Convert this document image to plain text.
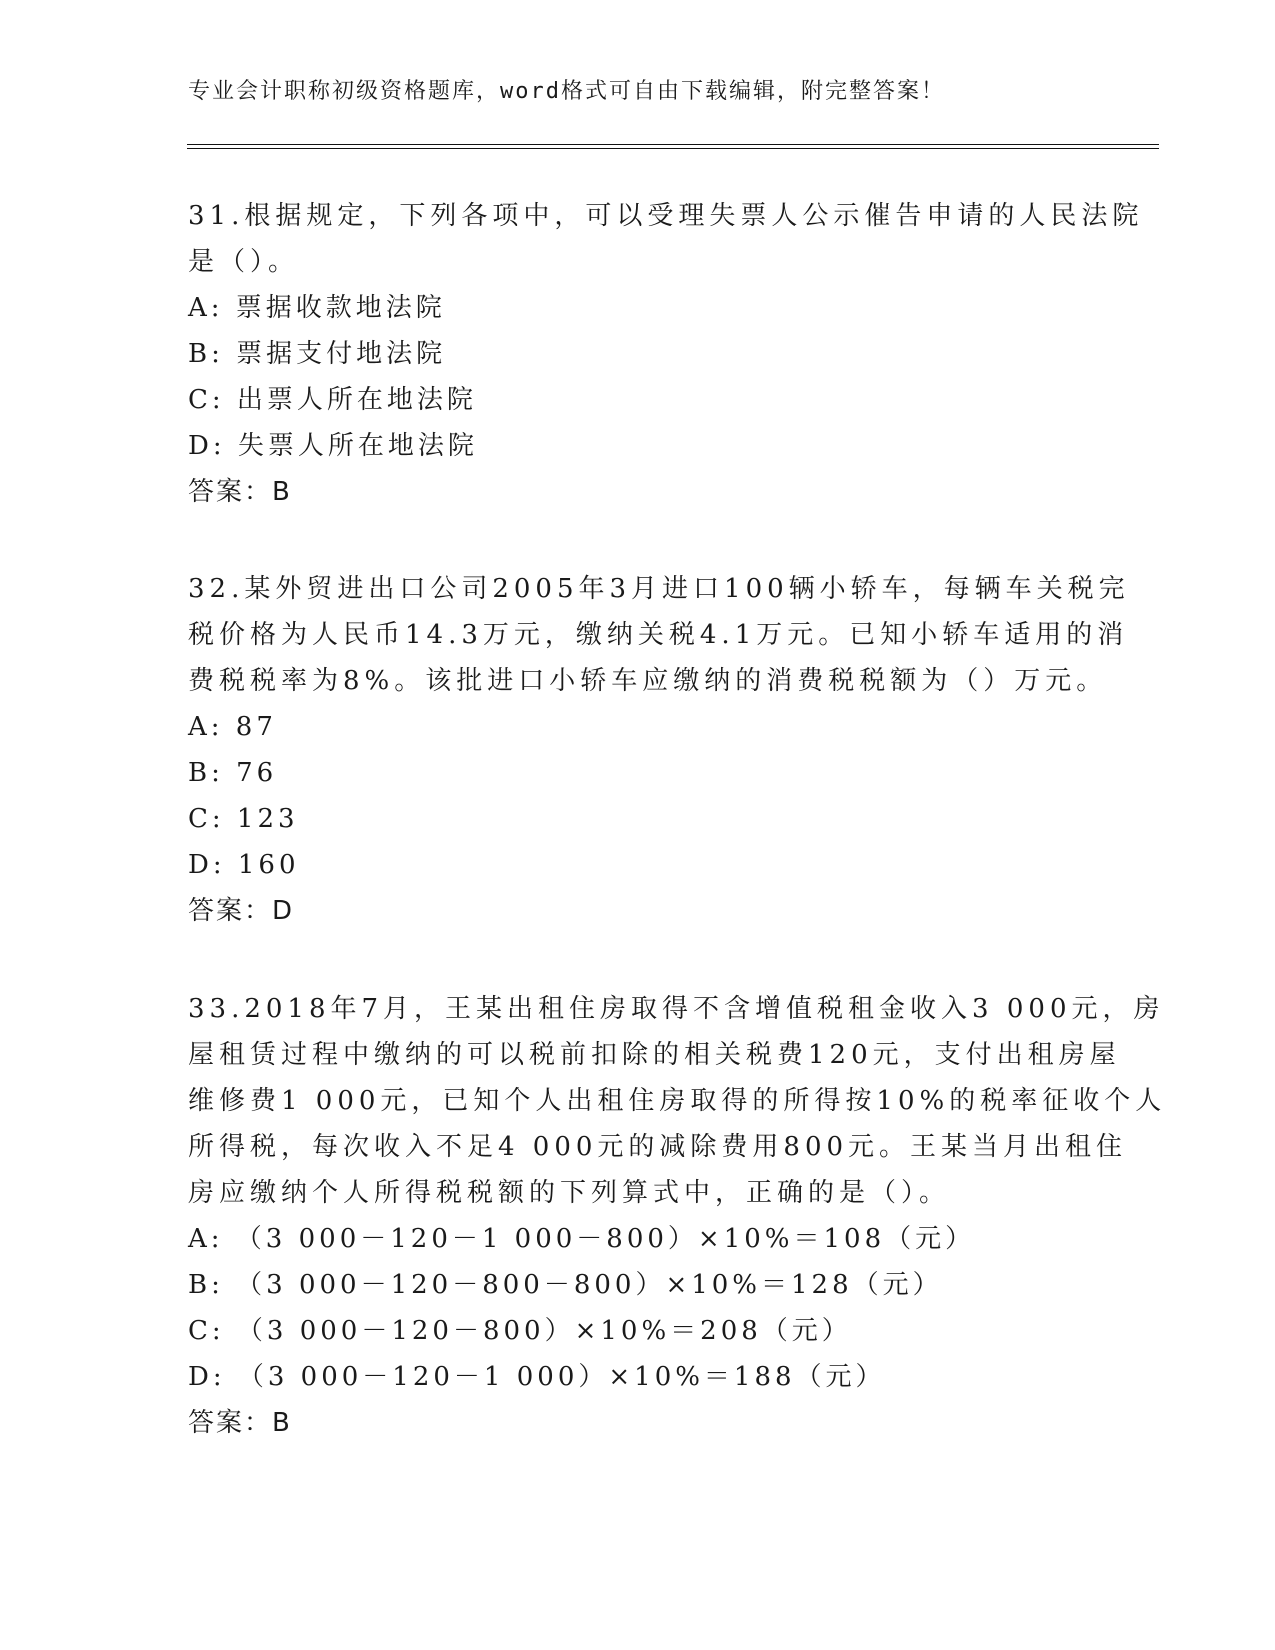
专业会计职称初级资格题库，word格式可自由下载编辑，附完整答案！
31.根据规定，下列各项中，可以受理失票人公示催告申请的人民法院
是（）。
A: 票据收款地法院
B: 票据支付地法院
C: 出票人所在地法院
D: 失票人所在地法院
答案：B
32.某外贸进出口公司2005年3月进口100辆小轿车，每辆车关税完
税价格为人民币14.3万元，缴纳关税4.1万元。已知小轿车适用的消
费税税率为8%。该批进口小轿车应缴纳的消费税税额为（）万元。
A: 87
B: 76
C: 123
D: 160
答案：D
33.2018年7月，王某出租住房取得不含增值税租金收入3 000元，房
屋租赁过程中缴纳的可以税前扣除的相关税费120元，支付出租房屋
维修费1 000元，已知个人出租住房取得的所得按10%的税率征收个人
所得税，每次收入不足4 000元的减除费用800元。王某当月出租住
房应缴纳个人所得税税额的下列算式中，正确的是（）。
A: （3 000－120－1 000－800）×10%＝108（元）
B: （3 000－120－800－800）×10%＝128（元）
C: （3 000－120－800）×10%＝208（元）
D: （3 000－120－1 000）×10%＝188（元）
答案：B
